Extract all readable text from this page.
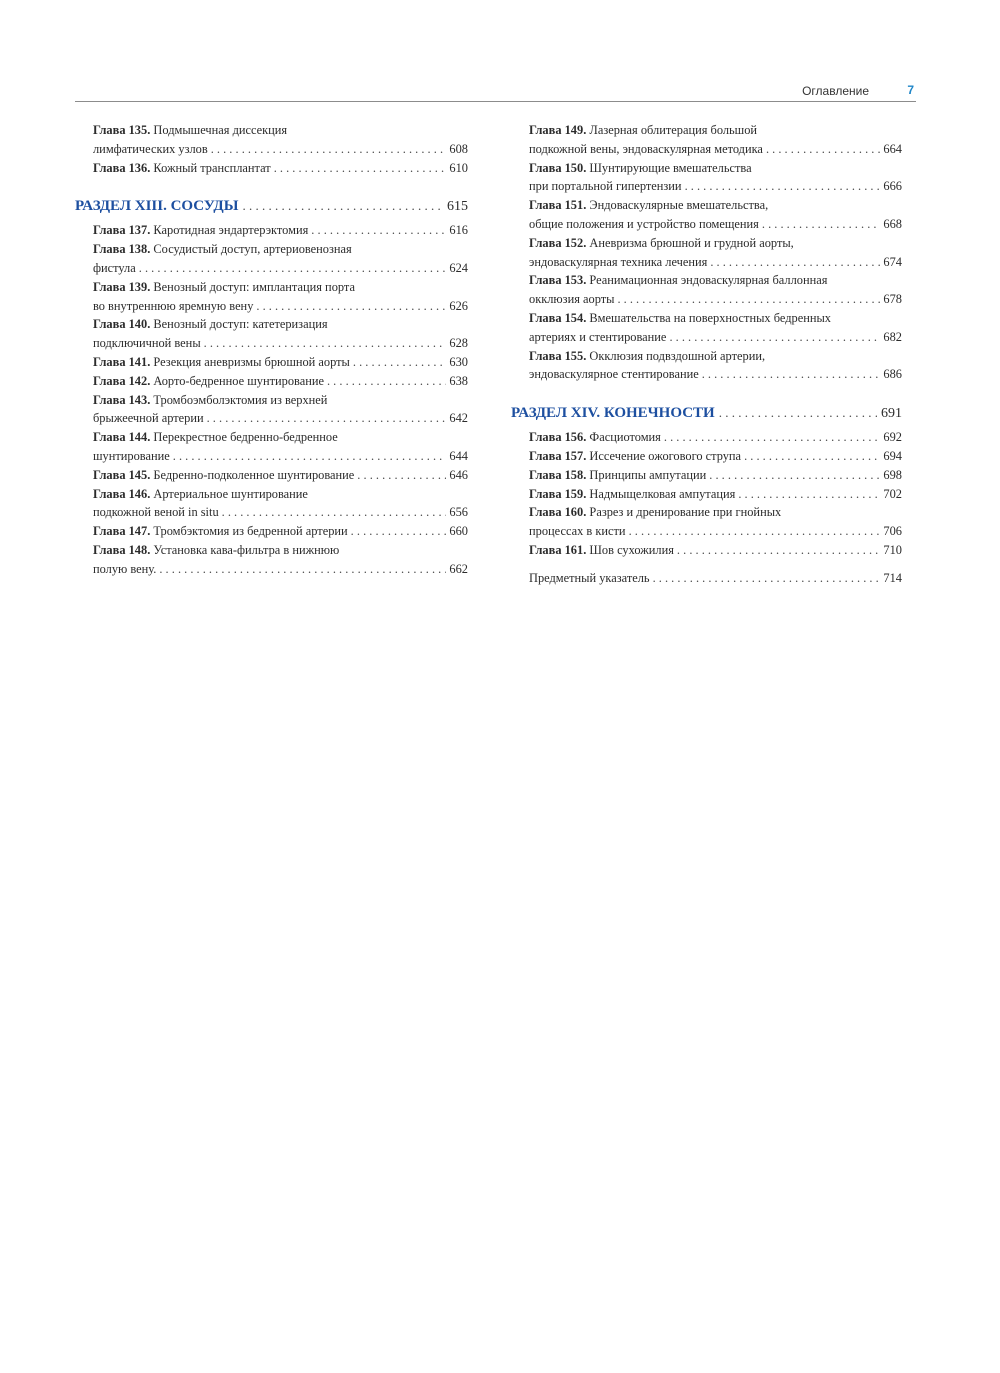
Оглавление	7
Глава 135. Подмышечная диссекция
лимфатических узлов . . .	608
Глава 136. Кожный трансплантат . . .	610
РАЗДЕЛ XIII. СОСУДЫ . . .	615
Глава 137. Каротидная эндартерэктомия . . .	616
Глава 138. Сосудистый доступ, артериовенозная
фистула . . .	624
Глава 139. Венозный доступ: имплантация порта
во внутреннюю яремную вену . . .	626
Глава 140. Венозный доступ: катетеризация
подключичной вены . . .	628
Глава 141. Резекция аневризмы брюшной аорты . . .	630
Глава 142. Аорто-бедренное шунтирование . . .	638
Глава 143. Тромбоэмболэктомия из верхней
брыжеечной артерии . . .	642
Глава 144. Перекрестное бедренно-бедренное
шунтирование . . .	644
Глава 145. Бедренно-подколенное шунтирование . . .	646
Глава 146. Артериальное шунтирование
подкожной веной in situ . . .	656
Глава 147. Тромбэктомия из бедренной артерии . . .	660
Глава 148. Установка кава-фильтра в нижнюю
полую вену. . . .	662
Глава 149. Лазерная облитерация большой
подкожной вены, эндоваскулярная методика . . .	664
Глава 150. Шунтирующие вмешательства
при портальной гипертензии . . .	666
Глава 151. Эндоваскулярные вмешательства,
общие положения и устройство помещения . . .	668
Глава 152. Аневризма брюшной и грудной аорты,
эндоваскулярная техника лечения . . .	674
Глава 153. Реанимационная эндоваскулярная баллонная
окклюзия аорты . . .	678
Глава 154. Вмешательства на поверхностных бедренных
артериях и стентирование . . .	682
Глава 155. Окклюзия подвздошной артерии,
эндоваскулярное стентирование . . .	686
РАЗДЕЛ XIV. КОНЕЧНОСТИ . . .	691
Глава 156. Фасциотомия . . .	692
Глава 157. Иссечение ожогового струпа . . .	694
Глава 158. Принципы ампутации . . .	698
Глава 159. Надмыщелковая ампутация . . .	702
Глава 160. Разрез и дренирование при гнойных
процессах в кисти . . .	706
Глава 161. Шов сухожилия . . .	710
Предметный указатель . . .	714
